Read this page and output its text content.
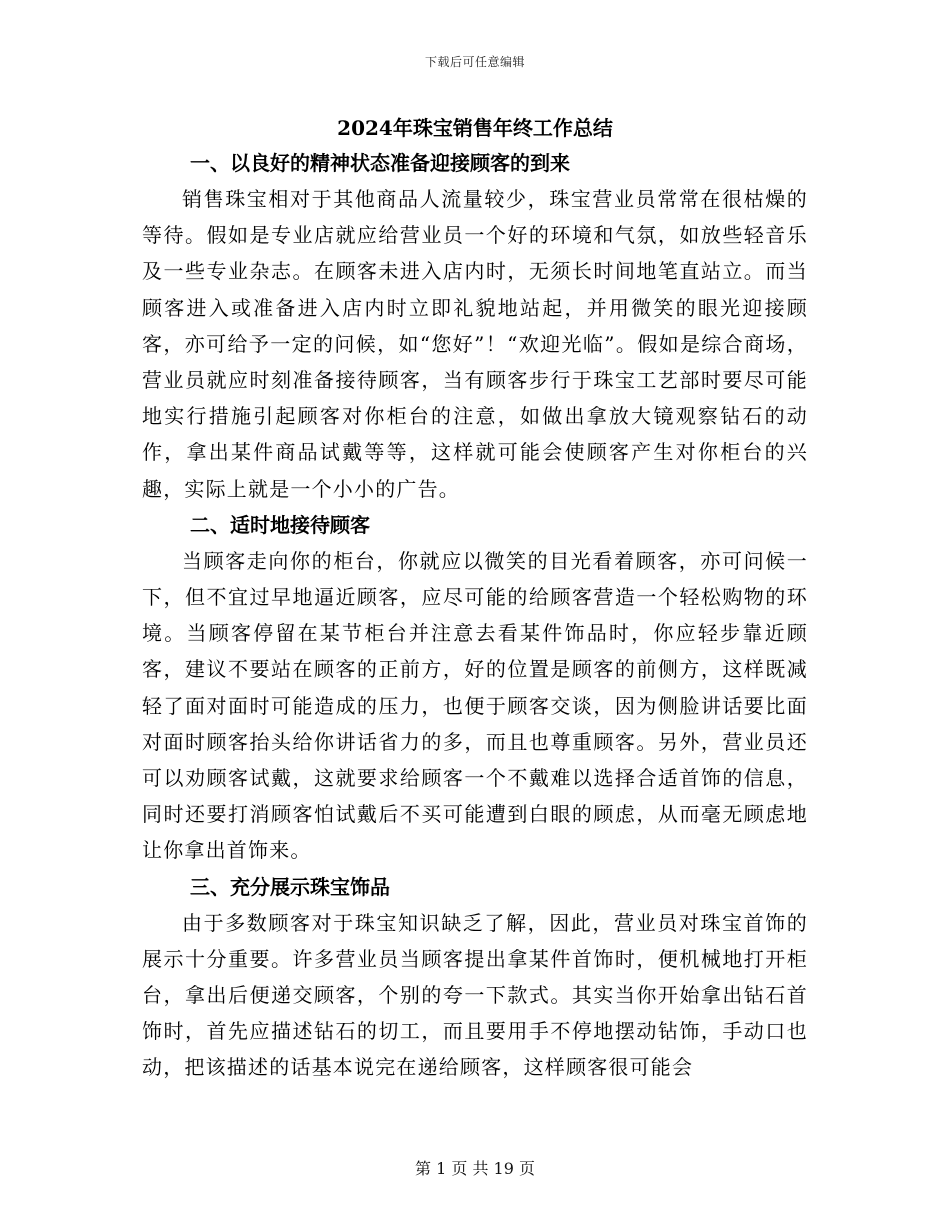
下载后可任意编辑
2024年珠宝销售年终工作总结
一、以良好的精神状态准备迎接顾客的到来

销售珠宝相对于其他商品人流量较少，珠宝营业员常常在很枯燥的等待。假如是专业店就应给营业员一个好的环境和气氛，如放些轻音乐及一些专业杂志。在顾客未进入店内时，无须长时间地笔直站立。而当顾客进入或准备进入店内时立即礼貌地站起，并用微笑的眼光迎接顾客，亦可给予一定的问候，如“您好”！“欢迎光临”。假如是综合商场，营业员就应时刻准备接待顾客，当有顾客步行于珠宝工艺部时要尽可能地实行措施引起顾客对你柜台的注意，如做出拿放大镜观察钻石的动作，拿出某件商品试戴等等，这样就可能会使顾客产生对你柜台的兴趣，实际上就是一个小小的广告。

二、适时地接待顾客

当顾客走向你的柜台，你就应以微笑的目光看着顾客，亦可问候一下，但不宜过早地逼近顾客，应尽可能的给顾客营造一个轻松购物的环境。当顾客停留在某节柜台并注意去看某件饰品时，你应轻步靠近顾客，建议不要站在顾客的正前方，好的位置是顾客的前侧方，这样既减轻了面对面时可能造成的压力，也便于顾客交谈，因为侧脸讲话要比面对面时顾客抬头给你讲话省力的多，而且也尊重顾客。另外，营业员还可以劝顾客试戴，这就要求给顾客一个不戴难以选择合适首饰的信息，同时还要打消顾客怕试戴后不买可能遭到白眼的顾虑，从而毫无顾虑地让你拿出首饰来。

三、充分展示珠宝饰品

由于多数顾客对于珠宝知识缺乏了解，因此，营业员对珠宝首饰的展示十分重要。许多营业员当顾客提出拿某件首饰时，便机械地打开柜台，拿出后便递交顾客，个别的夸一下款式。其实当你开始拿出钻石首饰时，首先应描述钻石的切工，而且要用手不停地摆动钻饰，手动口也动，把该描述的话基本说完在递给顾客，这样顾客很可能会

第 1 页 共 19 页
